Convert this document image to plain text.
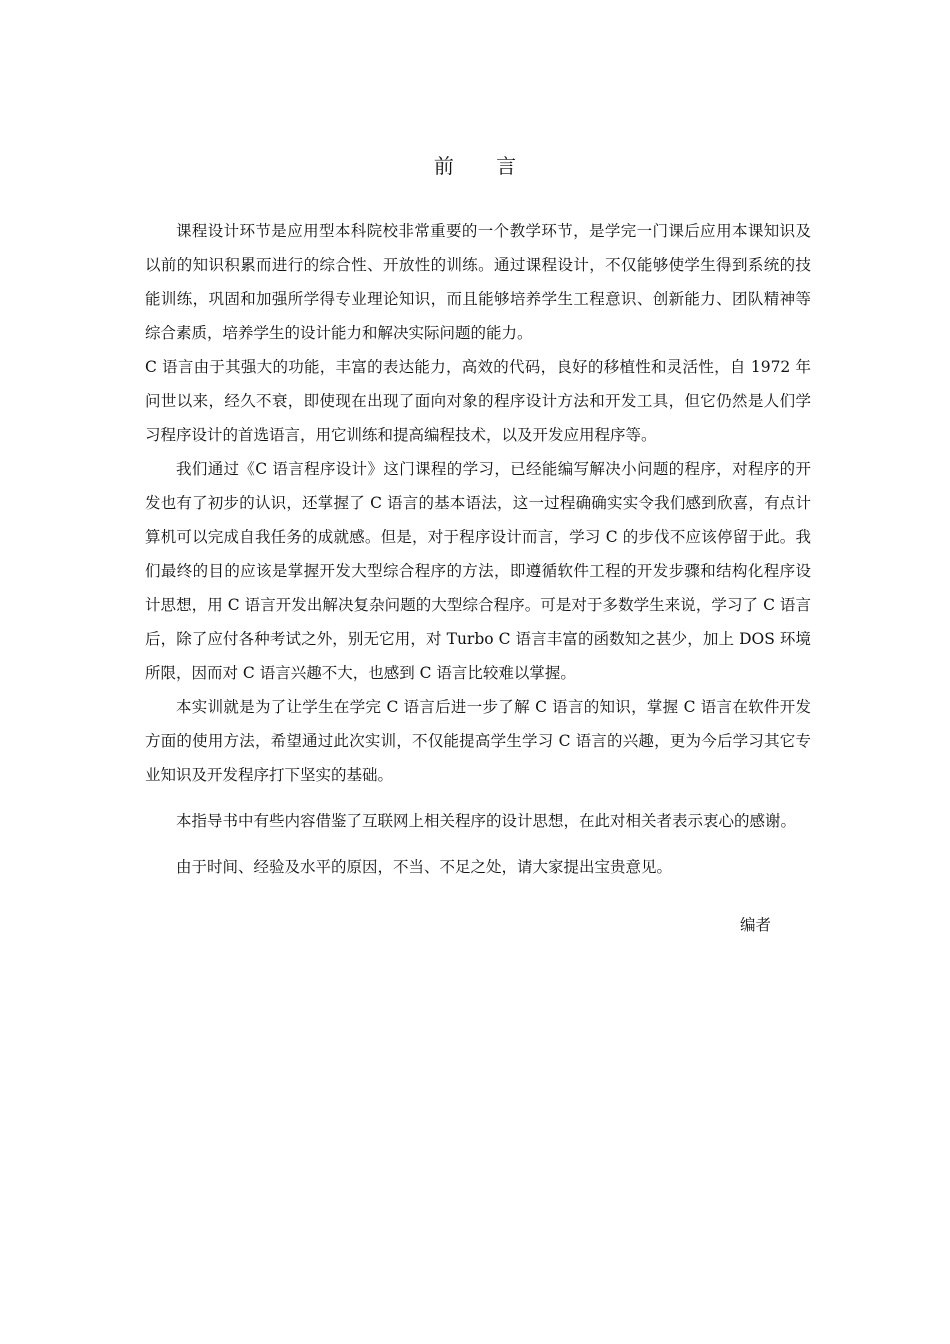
前 言

课程设计环节是应用型本科院校非常重要的一个教学环节，是学完一门课后应用本课知识及以前的知识积累而进行的综合性、开放性的训练。通过课程设计，不仅能够使学生得到系统的技能训练，巩固和加强所学得专业理论知识，而且能够培养学生工程意识、创新能力、团队精神等综合素质，培养学生的设计能力和解决实际问题的能力。

C 语言由于其强大的功能，丰富的表达能力，高效的代码，良好的移植性和灵活性，自 1972 年问世以来，经久不衰，即使现在出现了面向对象的程序设计方法和开发工具，但它仍然是人们学习程序设计的首选语言，用它训练和提高编程技术，以及开发应用程序等。

我们通过《C 语言程序设计》这门课程的学习，已经能编写解决小问题的程序，对程序的开发也有了初步的认识，还掌握了 C 语言的基本语法，这一过程确确实实令我们感到欣喜，有点计算机可以完成自我任务的成就感。但是，对于程序设计而言，学习 C 的步伐不应该停留于此。我们最终的目的应该是掌握开发大型综合程序的方法，即遵循软件工程的开发步骤和结构化程序设计思想，用 C 语言开发出解决复杂问题的大型综合程序。可是对于多数学生来说，学习了 C 语言后，除了应付各种考试之外，别无它用，对 Turbo C 语言丰富的函数知之甚少，加上 DOS 环境所限，因而对 C 语言兴趣不大，也感到 C 语言比较难以掌握。

本实训就是为了让学生在学完 C 语言后进一步了解 C 语言的知识，掌握 C 语言在软件开发方面的使用方法，希望通过此次实训，不仅能提高学生学习 C 语言的兴趣，更为今后学习其它专业知识及开发程序打下坚实的基础。

本指导书中有些内容借鉴了互联网上相关程序的设计思想，在此对相关者表示衷心的感谢。

由于时间、经验及水平的原因，不当、不足之处，请大家提出宝贵意见。

编者
